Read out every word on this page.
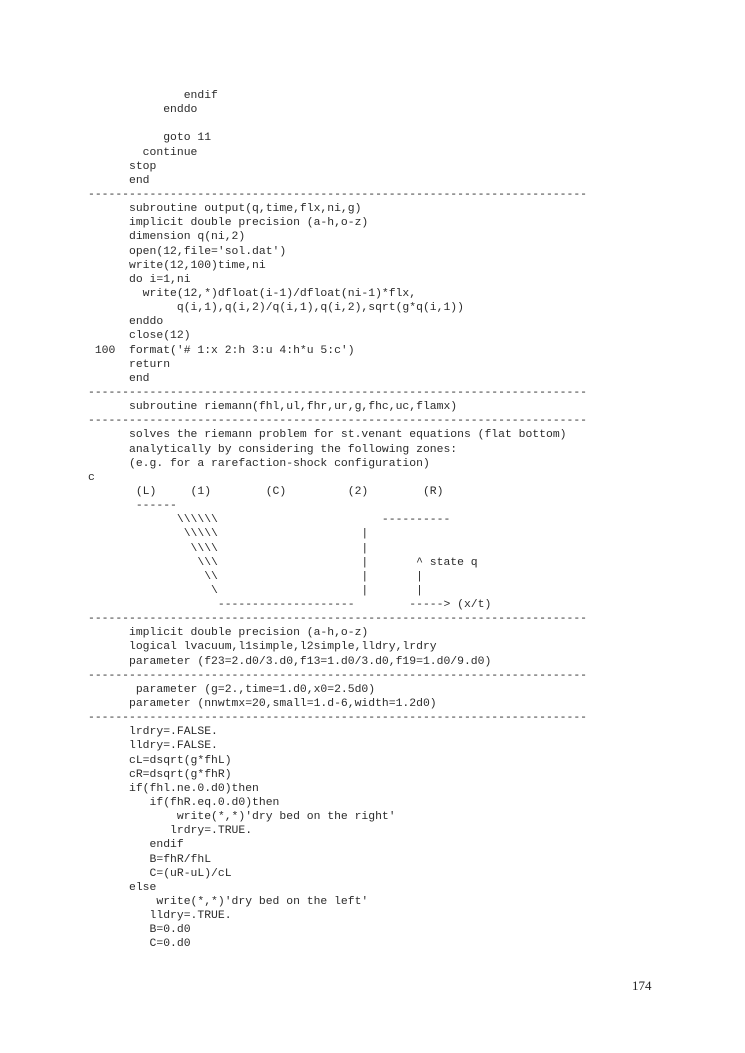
endif
enddo
goto 11
continue
stop
end
-------------------------------------------------------------------------
subroutine output(q,time,flx,ni,g)
implicit double precision (a-h,o-z)
dimension q(ni,2)
open(12,file='sol.dat')
write(12,100)time,ni
do i=1,ni
write(12,*)dfloat(i-1)/dfloat(ni-1)*flx,
q(i,1),q(i,2)/q(i,1),q(i,2),sqrt(g*q(i,1))
enddo
close(12)
100  format('# 1:x 2:h 3:u 4:h*u 5:c')
return
end
-------------------------------------------------------------------------
subroutine riemann(fhl,ul,fhr,ur,g,fhc,uc,flamx)
-------------------------------------------------------------------------
solves the riemann problem for st.venant equations (flat bottom)
analytically by considering the following zones:
(e.g. for a rarefaction-shock configuration)
c
(L)     (1)        (C)         (2)        (R)
------
\\\\\\                        ----------
\\\\\                     |
\\\\                     |
\\\                     |       ^ state q
\\                     |       |
\                     |       |
--------------------        -----> (x/t)
-------------------------------------------------------------------------
implicit double precision (a-h,o-z)
logical lvacuum,l1simple,l2simple,lldry,lrdry
parameter (f23=2.d0/3.d0,f13=1.d0/3.d0,f19=1.d0/9.d0)
-------------------------------------------------------------------------
parameter (g=2.,time=1.d0,x0=2.5d0)
parameter (nnwtmx=20,small=1.d-6,width=1.2d0)
-------------------------------------------------------------------------
lrdry=.FALSE.
lldry=.FALSE.
cL=dsqrt(g*fhL)
cR=dsqrt(g*fhR)
if(fhl.ne.0.d0)then
if(fhR.eq.0.d0)then
write(*,*)'dry bed on the right'
lrdry=.TRUE.
endif
B=fhR/fhL
C=(uR-uL)/cL
else
write(*,*)'dry bed on the left'
lldry=.TRUE.
B=0.d0
C=0.d0
174
